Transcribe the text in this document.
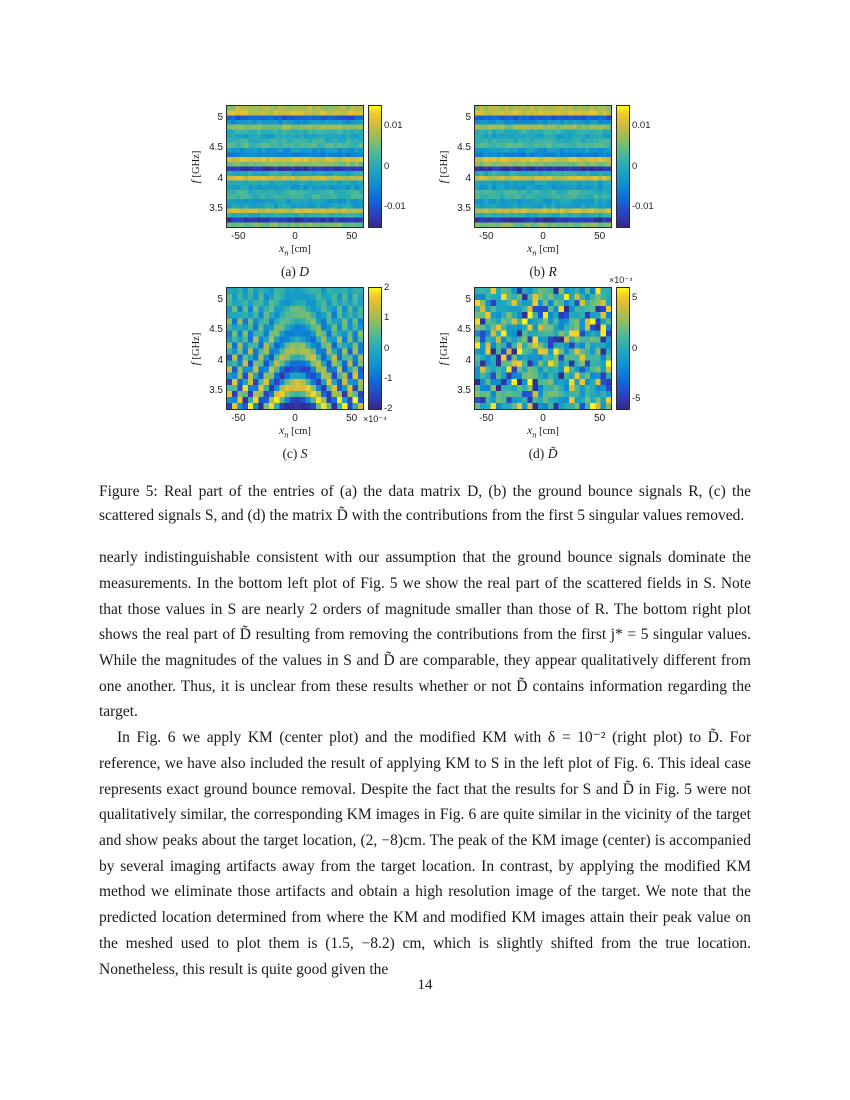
f [GHz]
$x_n$ [cm]
5
4.5
4
3.5
-50	0	50
0.01
0
-0.01
(a) D
f [GHz]
$x_n$ [cm]
5
4.5
4
3.5
-50	0	50
0.01
0
-0.01
(b) R
f [GHz]
×10⁻⁴
$x_n$ [cm]
5
4.5
4
3.5
-50	0	50
2
1
0
-1
-2
(c) S
f [GHz]
×10⁻⁴
$x_n$ [cm]
5
4.5
4
3.5
-50	0	50
5
0
-5
(d) D̃

Figure 5: Real part of the entries of (a) the data matrix D, (b) the ground bounce signals R, (c) the scattered signals S, and (d) the matrix D̃ with the contributions from the first 5 singular values removed.

nearly indistinguishable consistent with our assumption that the ground bounce signals dominate the measurements. In the bottom left plot of Fig. 5 we show the real part of the scattered fields in S. Note that those values in S are nearly 2 orders of magnitude smaller than those of R. The bottom right plot shows the real part of D̃ resulting from removing the contributions from the first j* = 5 singular values. While the magnitudes of the values in S and D̃ are comparable, they appear qualitatively different from one another. Thus, it is unclear from these results whether or not D̃ contains information regarding the target.

In Fig. 6 we apply KM (center plot) and the modified KM with δ = 10⁻² (right plot) to D̃. For reference, we have also included the result of applying KM to S in the left plot of Fig. 6. This ideal case represents exact ground bounce removal. Despite the fact that the results for S and D̃ in Fig. 5 were not qualitatively similar, the corresponding KM images in Fig. 6 are quite similar in the vicinity of the target and show peaks about the target location, (2, −8)cm. The peak of the KM image (center) is accompanied by several imaging artifacts away from the target location. In contrast, by applying the modified KM method we eliminate those artifacts and obtain a high resolution image of the target. We note that the predicted location determined from where the KM and modified KM images attain their peak value on the meshed used to plot them is (1.5, −8.2) cm, which is slightly shifted from the true location. Nonetheless, this result is quite good given the

14
